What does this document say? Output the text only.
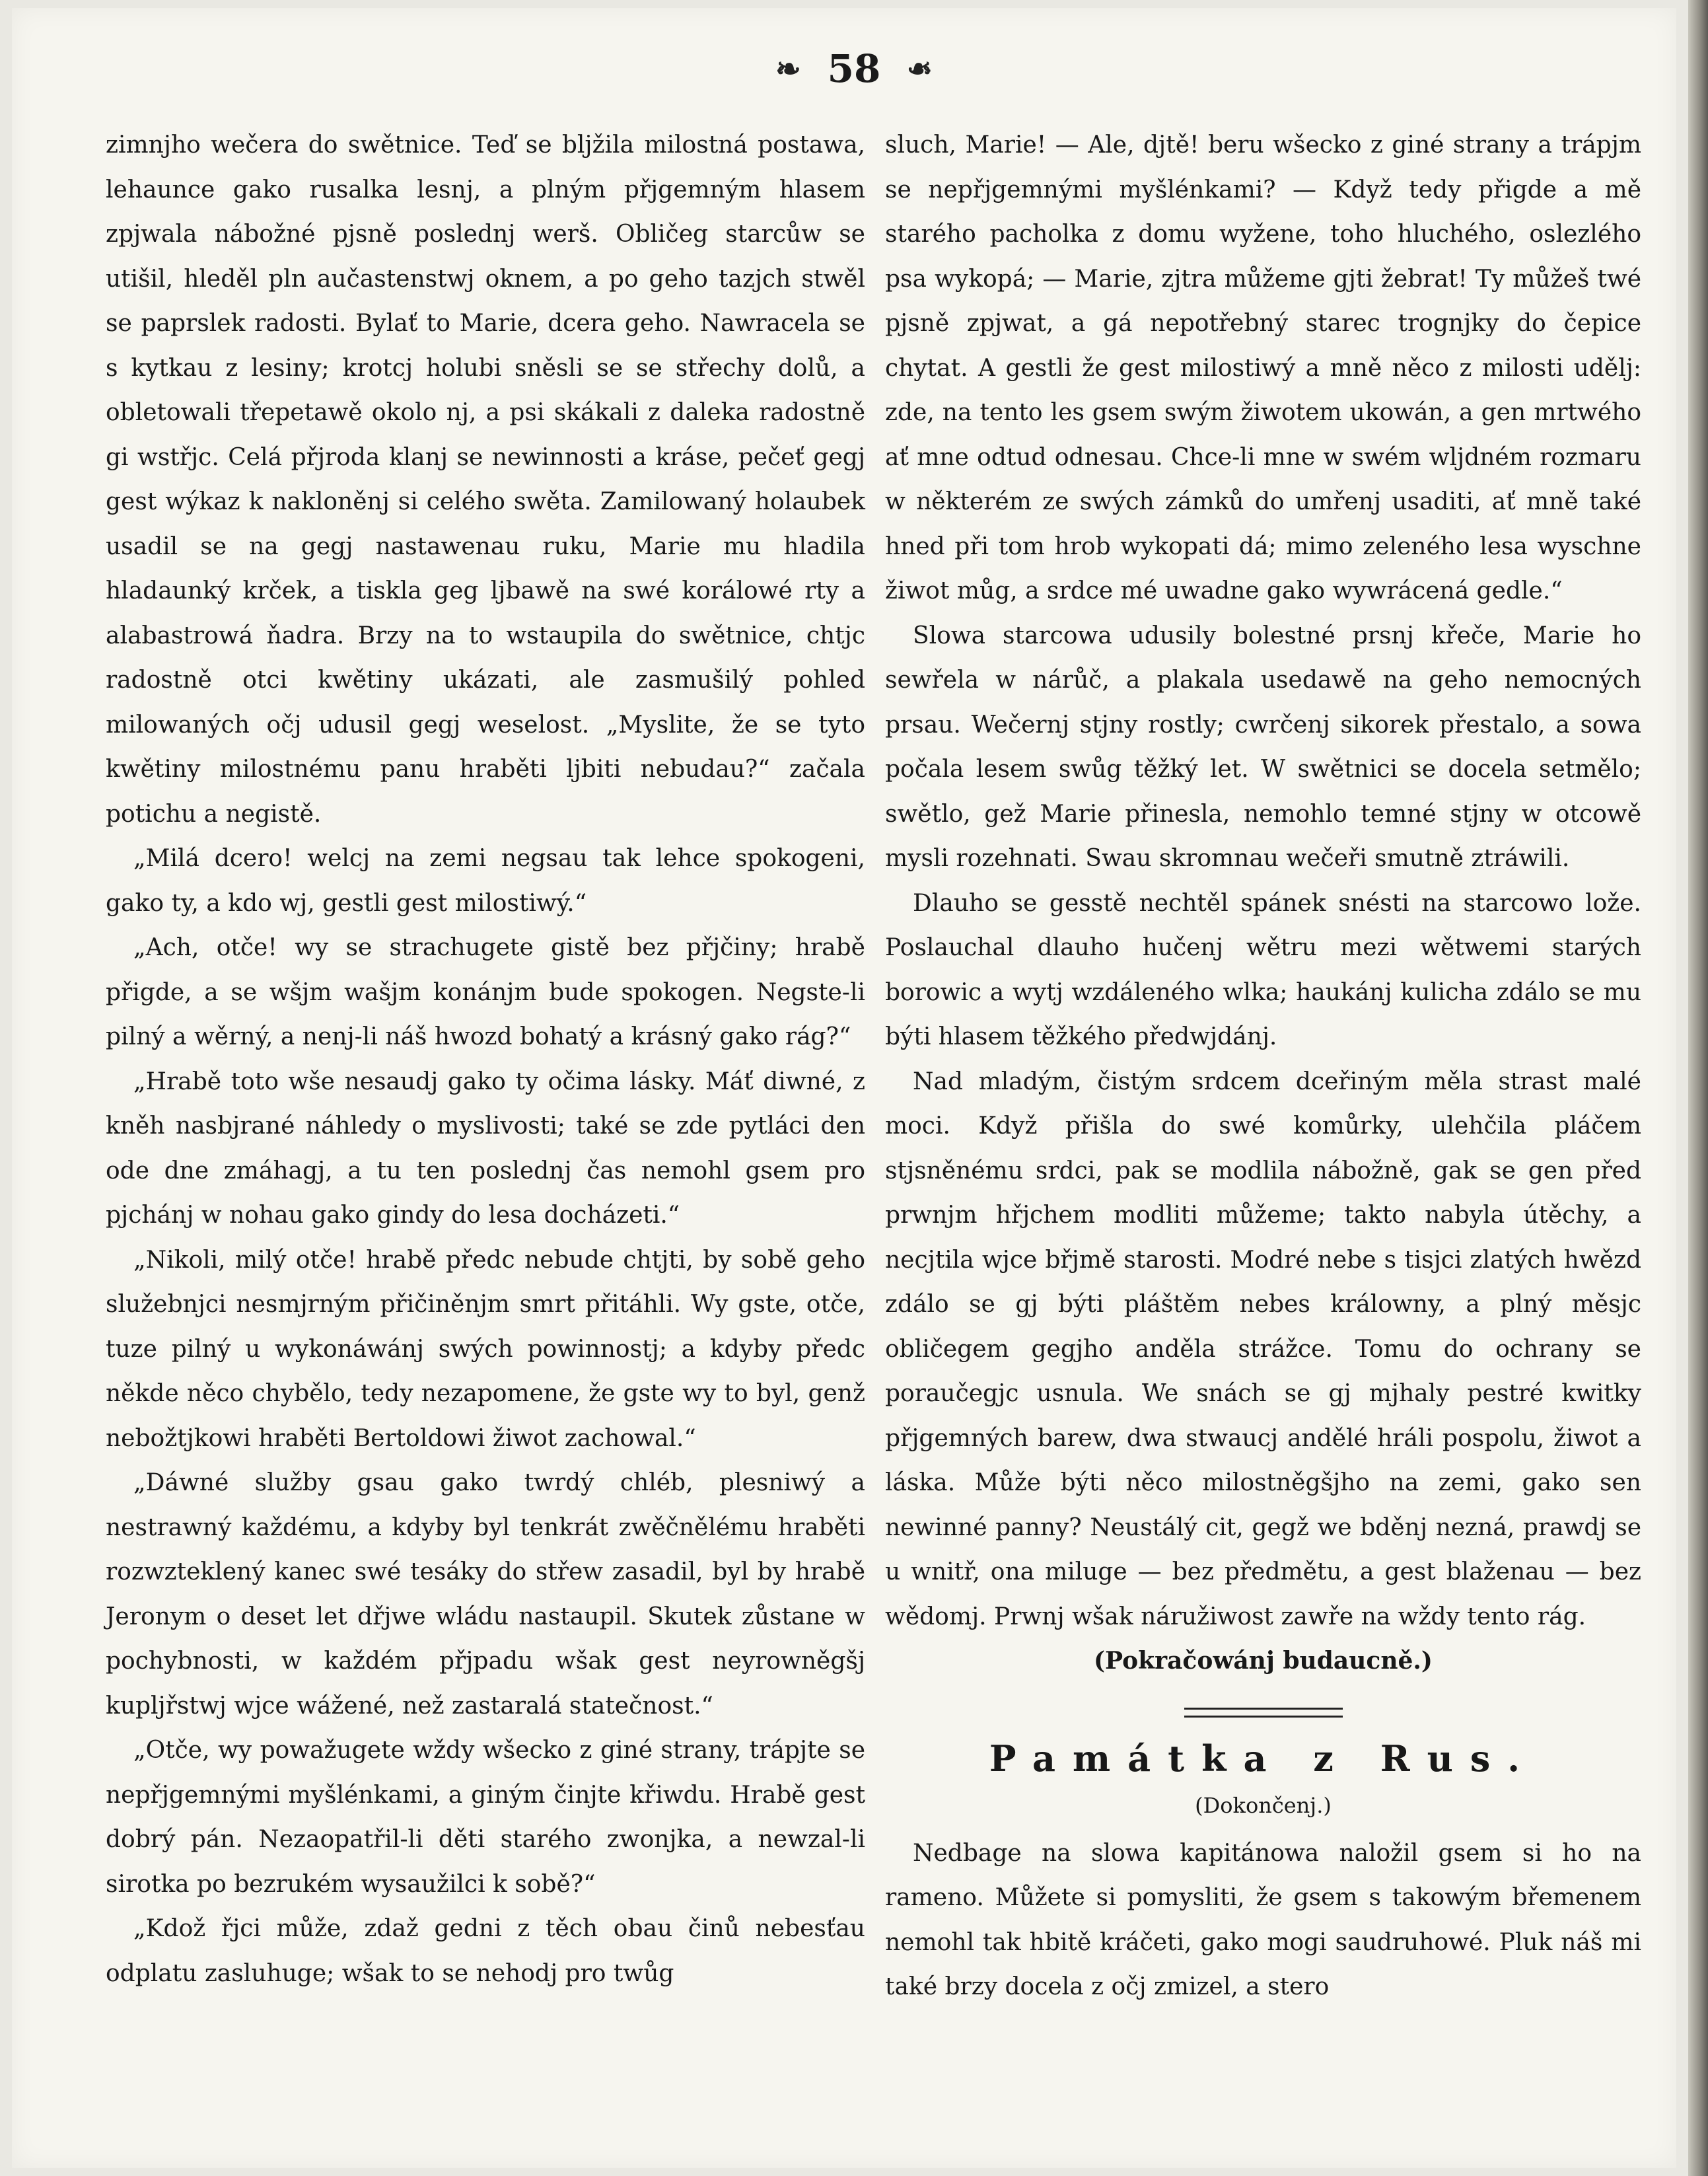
❧ 58 ❧

zimnjho wečera do swětnice. Teď se bljžila milostná postawa, lehaunce gako rusalka lesnj, a plným přjgemným hlasem zpjwala nábožné pjsně poslednj werš. Obličeg starcůw se utišil, hleděl pln aučastenstwj oknem, a po geho tazjch stwěl se paprslek radosti. Bylať to Marie, dcera geho. Nawracela se s kytkau z lesiny; krotcj holubi sněsli se se střechy dolů, a obletowali třepetawě okolo nj, a psi skákali z daleka radostně gi wstřjc. Celá přjroda klanj se newinnosti a kráse, pečeť gegj gest wýkaz k nakloněnj si celého swěta. Zamilowaný holaubek usadil se na gegj nastawenau ruku, Marie mu hladila hladaunký krček, a tiskla geg ljbawě na swé korálowé rty a alabastrowá ňadra. Brzy na to wstaupila do swětnice, chtjc radostně otci kwětiny ukázati, ale zasmušilý pohled milowaných očj udusil gegj weselost. „Myslite, že se tyto kwětiny milostnému panu hraběti ljbiti nebudau?“ začala potichu a negistě.

„Milá dcero! welcj na zemi negsau tak lehce spokogeni, gako ty, a kdo wj, gestli gest milostiwý.“

„Ach, otče! wy se strachugete gistě bez přjčiny; hrabě přigde, a se wšjm wašjm konánjm bude spokogen. Negste-li pilný a wěrný, a nenj-li náš hwozd bohatý a krásný gako rág?“

„Hrabě toto wše nesaudj gako ty očima lásky. Máť diwné, z kněh nasbjrané náhledy o myslivosti; také se zde pytláci den ode dne zmáhagj, a tu ten poslednj čas nemohl gsem pro pjchánj w nohau gako gindy do lesa docházeti.“

„Nikoli, milý otče! hrabě předc nebude chtjti, by sobě geho služebnjci nesmjrným přičiněnjm smrt přitáhli. Wy gste, otče, tuze pilný u wykonáwánj swých powinnostj; a kdyby předc někde něco chybělo, tedy nezapomene, že gste wy to byl, genž nebožtjkowi hraběti Bertoldowi žiwot zachowal.“

„Dáwné služby gsau gako twrdý chléb, plesniwý a nestrawný každému, a kdyby byl tenkrát zwěčnělému hraběti rozwzteklený kanec swé tesáky do střew zasadil, byl by hrabě Jeronym o deset let dřjwe wládu nastaupil. Skutek zůstane w pochybnosti, w každém přjpadu wšak gest neyrowněgšj kupljřstwj wjce wážené, než zastaralá statečnost.“

„Otče, wy powažugete wždy wšecko z giné strany, trápjte se nepřjgemnými myšlénkami, a giným činjte křiwdu. Hrabě gest dobrý pán. Nezaopatřil-li děti starého zwonjka, a newzal-li sirotka po bezrukém wysaužilci k sobě?“

„Kdož řjci může, zdaž gedni z těch obau činů nebesťau odplatu zasluhuge; wšak to se nehodj pro twůg

sluch, Marie! — Ale, djtě! beru wšecko z giné strany a trápjm se nepřjgemnými myšlénkami? — Když tedy přigde a mě starého pacholka z domu wyžene, toho hluchého, oslezlého psa wykopá; — Marie, zjtra můžeme gjti žebrat! Ty můžeš twé pjsně zpjwat, a gá nepotřebný starec trognjky do čepice chytat. A gestli že gest milostiwý a mně něco z milosti udělj: zde, na tento les gsem swým žiwotem ukowán, a gen mrtwého ať mne odtud odnesau. Chce-li mne w swém wljdném rozmaru w některém ze swých zámků do umřenj usaditi, ať mně také hned při tom hrob wykopati dá; mimo zeleného lesa wyschne žiwot můg, a srdce mé uwadne gako wywrácená gedle.“

Slowa starcowa udusily bolestné prsnj křeče, Marie ho sewřela w nárůč, a plakala usedawě na geho nemocných prsau. Wečernj stjny rostly; cwrčenj sikorek přestalo, a sowa počala lesem swůg těžký let. W swětnici se docela setmělo; swětlo, gež Marie přinesla, nemohlo temné stjny w otcowě mysli rozehnati. Swau skromnau wečeři smutně ztráwili.

Dlauho se gesstě nechtěl spánek snésti na starcowo lože. Poslauchal dlauho hučenj wětru mezi wětwemi starých borowic a wytj wzdáleného wlka; haukánj kulicha zdálo se mu býti hlasem těžkého předwjdánj.

Nad mladým, čistým srdcem dceřiným měla strast malé moci. Když přišla do swé komůrky, ulehčila pláčem stjsněnému srdci, pak se modlila nábožně, gak se gen před prwnjm hřjchem modliti můžeme; takto nabyla útěchy, a necjtila wjce břjmě starosti. Modré nebe s tisjci zlatých hwězd zdálo se gj býti pláštěm nebes králowny, a plný měsjc obličegem gegjho anděla strážce. Tomu do ochrany se poraučegjc usnula. We snách se gj mjhaly pestré kwitky přjgemných barew, dwa stwaucj andělé hráli pospolu, žiwot a láska. Může býti něco milostněgšjho na zemi, gako sen newinné panny? Neustálý cit, gegž we bděnj nezná, prawdj se u wnitř, ona miluge — bez předmětu, a gest blaženau — bez wědomj. Prwnj wšak náružiwost zawře na wždy tento rág.

(Pokračowánj budaucně.)

Památka z Rus.
(Dokončenj.)

Nedbage na slowa kapitánowa naložil gsem si ho na rameno. Můžete si pomysliti, že gsem s takowým břemenem nemohl tak hbitě kráčeti, gako mogi saudruhowé. Pluk náš mi také brzy docela z očj zmizel, a stero
